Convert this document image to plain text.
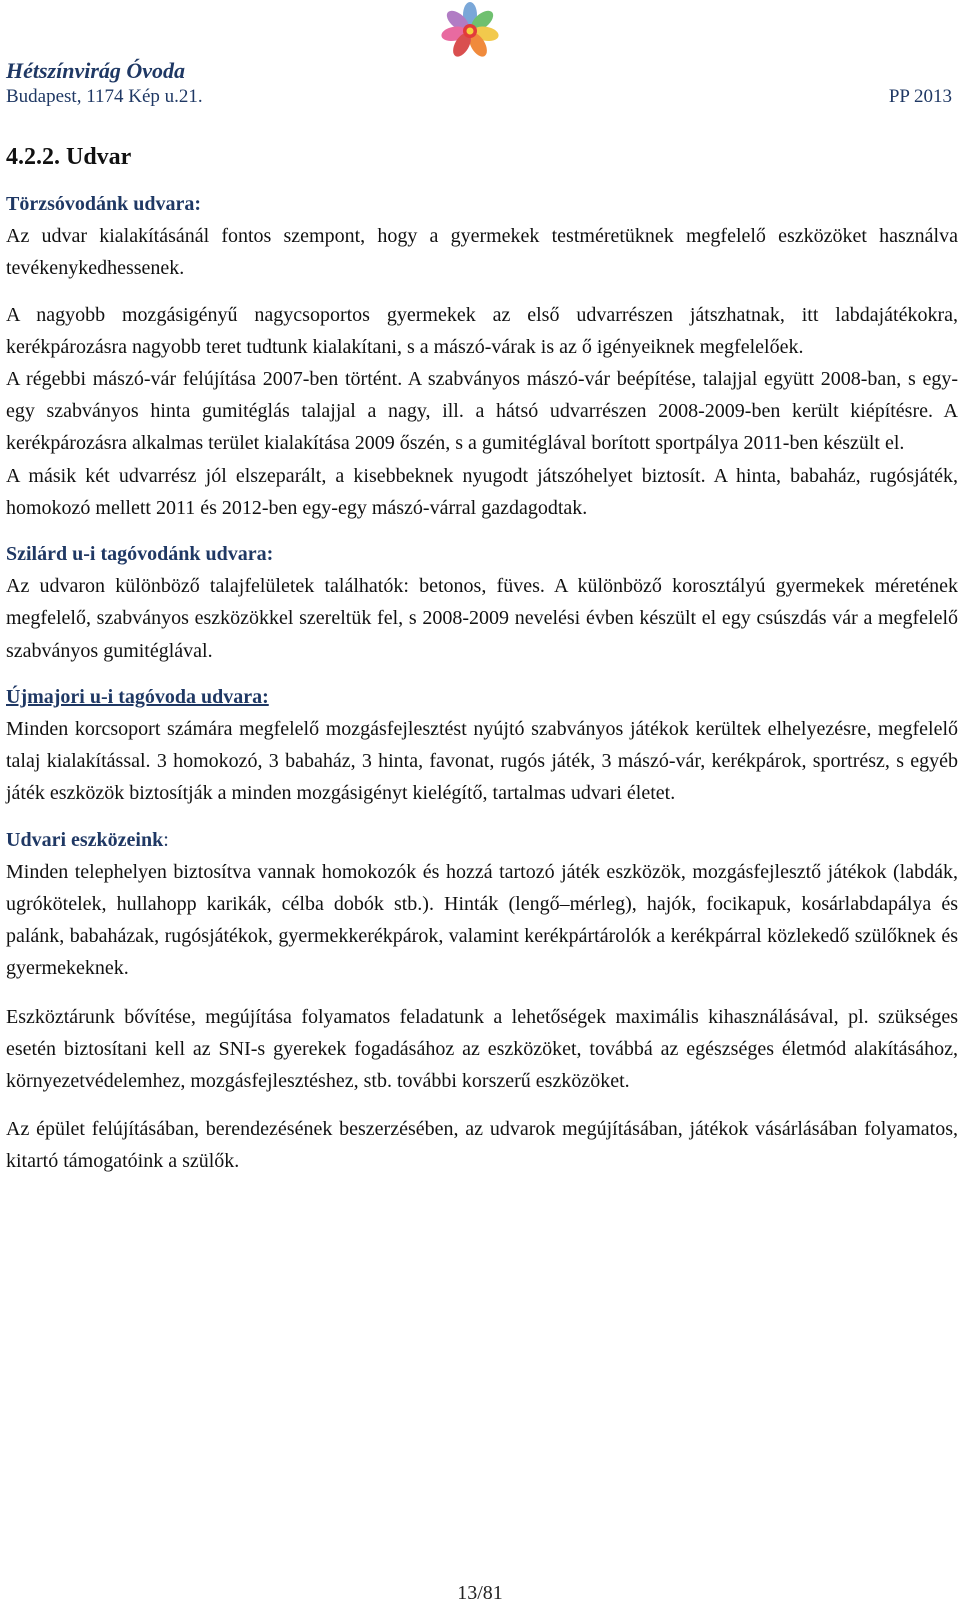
Hétszínvirág Óvoda
Budapest, 1174 Kép u.21.	PP 2013
4.2.2. Udvar

Törzsóvodánk udvara:

Az udvar kialakításánál fontos szempont, hogy a gyermekek testméretüknek megfelelő eszközöket használva tevékenykedhessenek.

A nagyobb mozgásigényű nagycsoportos gyermekek az első udvarrészen játszhatnak, itt labdajátékokra, kerékpározásra nagyobb teret tudtunk kialakítani, s a mászó-várak is az ő igényeiknek megfelelőek.

A régebbi mászó-vár felújítása 2007-ben történt. A szabványos mászó-vár beépítése, talajjal együtt 2008-ban, s egy-egy szabványos hinta gumitéglás talajjal a nagy, ill. a hátsó udvarrészen 2008-2009-ben került kiépítésre. A kerékpározásra alkalmas terület kialakítása 2009 őszén, s a gumitéglával borított sportpálya 2011-ben készült el.

A másik két udvarrész jól elszeparált, a kisebbeknek nyugodt játszóhelyet biztosít. A hinta, babaház, rugósjáték, homokozó mellett 2011 és 2012-ben egy-egy mászó-várral gazdagodtak.

Szilárd u-i tagóvodánk udvara:

Az udvaron különböző talajfelületek találhatók: betonos, füves. A különböző korosztályú gyermekek méretének megfelelő, szabványos eszközökkel szereltük fel, s 2008-2009 nevelési évben készült el egy csúszdás vár a megfelelő szabványos gumitéglával.

Újmajori u-i tagóvoda udvara:

Minden korcsoport számára megfelelő mozgásfejlesztést nyújtó szabványos játékok kerültek elhelyezésre, megfelelő talaj kialakítással. 3 homokozó, 3 babaház, 3 hinta, favonat, rugós játék, 3 mászó-vár, kerékpárok, sportrész, s egyéb játék eszközök biztosítják a minden mozgásigényt kielégítő, tartalmas udvari életet.

Udvari eszközeink:

Minden telephelyen biztosítva vannak homokozók és hozzá tartozó játék eszközök, mozgásfejlesztő játékok (labdák, ugrókötelek, hullahopp karikák, célba dobók stb.). Hinták (lengő–mérleg), hajók, focikapuk, kosárlabdapálya és palánk, babaházak, rugósjátékok, gyermekkerékpárok, valamint kerékpártárolók a kerékpárral közlekedő szülőknek és gyermekeknek.

Eszköztárunk bővítése, megújítása folyamatos feladatunk a lehetőségek maximális kihasználásával, pl. szükséges esetén biztosítani kell az SNI-s gyerekek fogadásához az eszközöket, továbbá az egészséges életmód alakításához, környezetvédelemhez, mozgásfejlesztéshez, stb. további korszerű eszközöket.

Az épület felújításában, berendezésének beszerzésében, az udvarok megújításában, játékok vásárlásában folyamatos, kitartó támogatóink a szülők.

13/81
